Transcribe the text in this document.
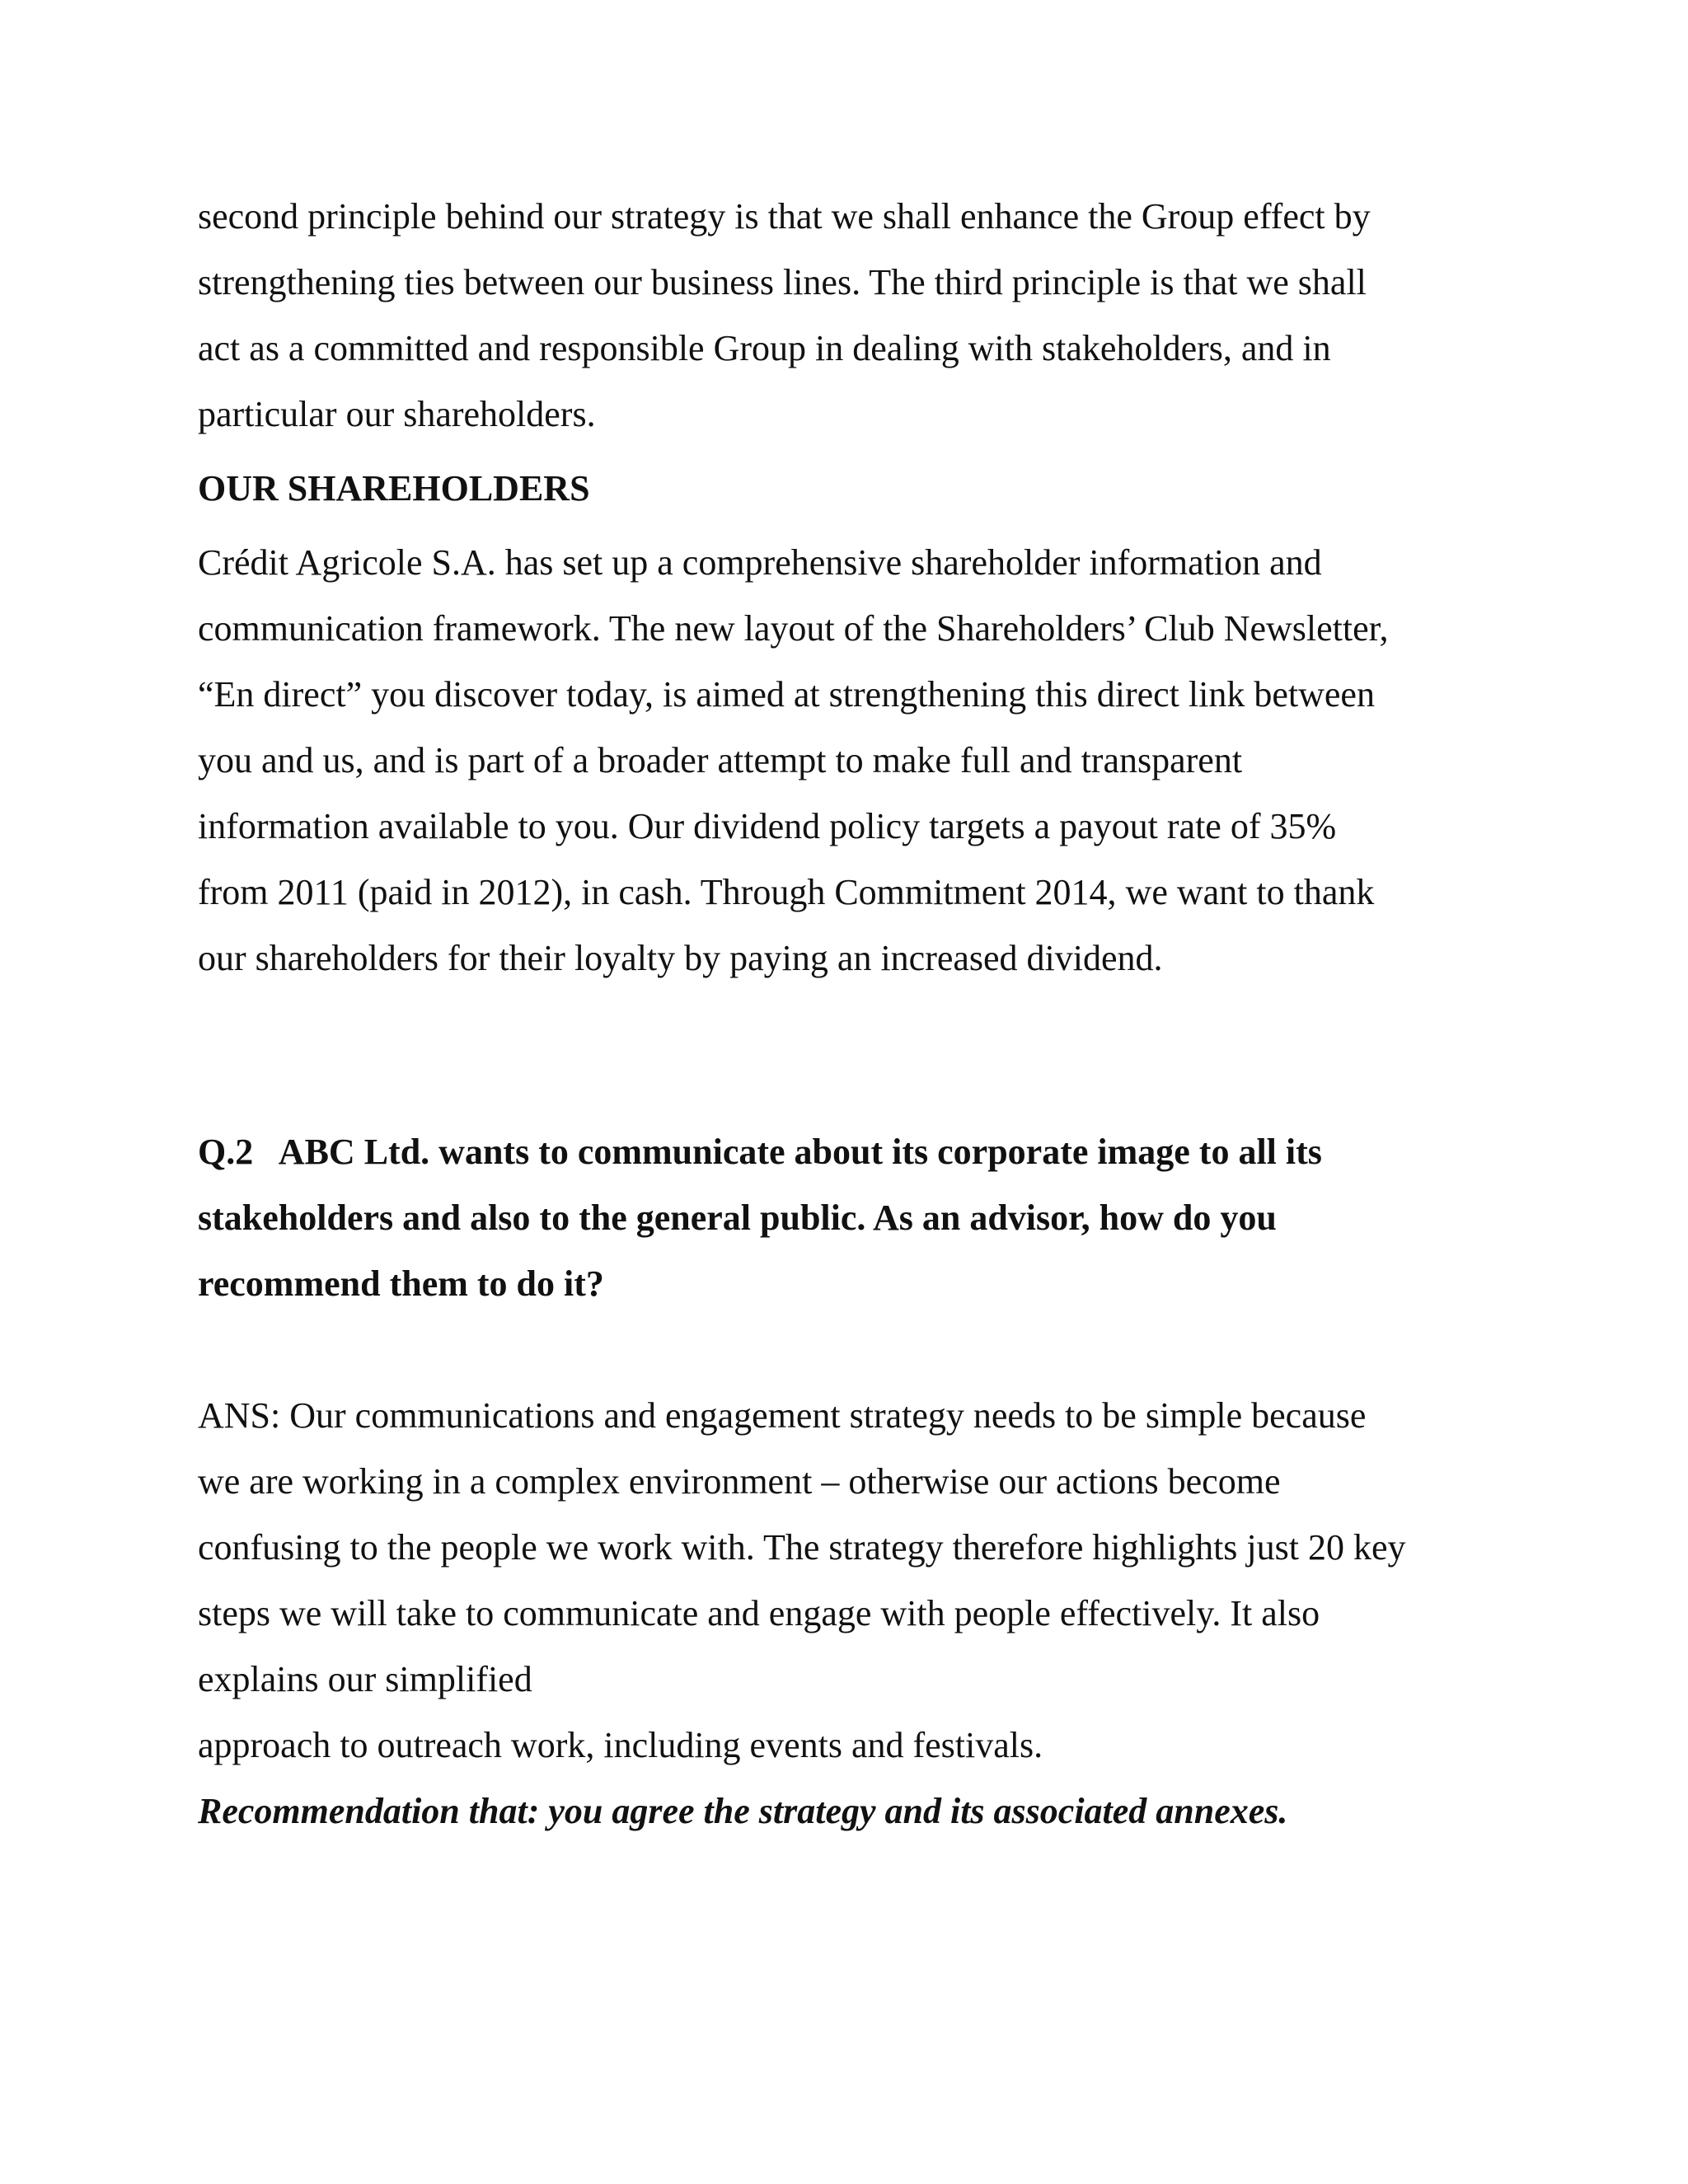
second principle behind our strategy is that we shall enhance the Group effect by

strengthening ties between our business lines. The third principle is that we shall

act as a committed and responsible Group in dealing with stakeholders, and in

particular our shareholders.

OUR SHAREHOLDERS

Crédit Agricole S.A. has set up a comprehensive shareholder information and

communication framework. The new layout of the Shareholders’ Club Newsletter,

“En direct” you discover today, is aimed at strengthening this direct link between

you and us, and is part of a broader attempt to make full and transparent

information available to you. Our dividend policy targets a payout rate of 35%

from 2011 (paid in 2012), in cash. Through Commitment 2014, we want to thank

our shareholders for their loyalty by paying an increased dividend.

Q.2   ABC Ltd. wants to communicate about its corporate image to all its

stakeholders and also to the general public. As an advisor, how do you

recommend them to do it?

ANS: Our communications and engagement strategy needs to be simple because

we are working in a complex environment – otherwise our actions become

confusing to the people we work with. The strategy therefore highlights just 20 key

steps we will take to communicate and engage with people effectively. It also

explains our simplified

approach to outreach work, including events and festivals.

Recommendation that: you agree the strategy and its associated annexes.
